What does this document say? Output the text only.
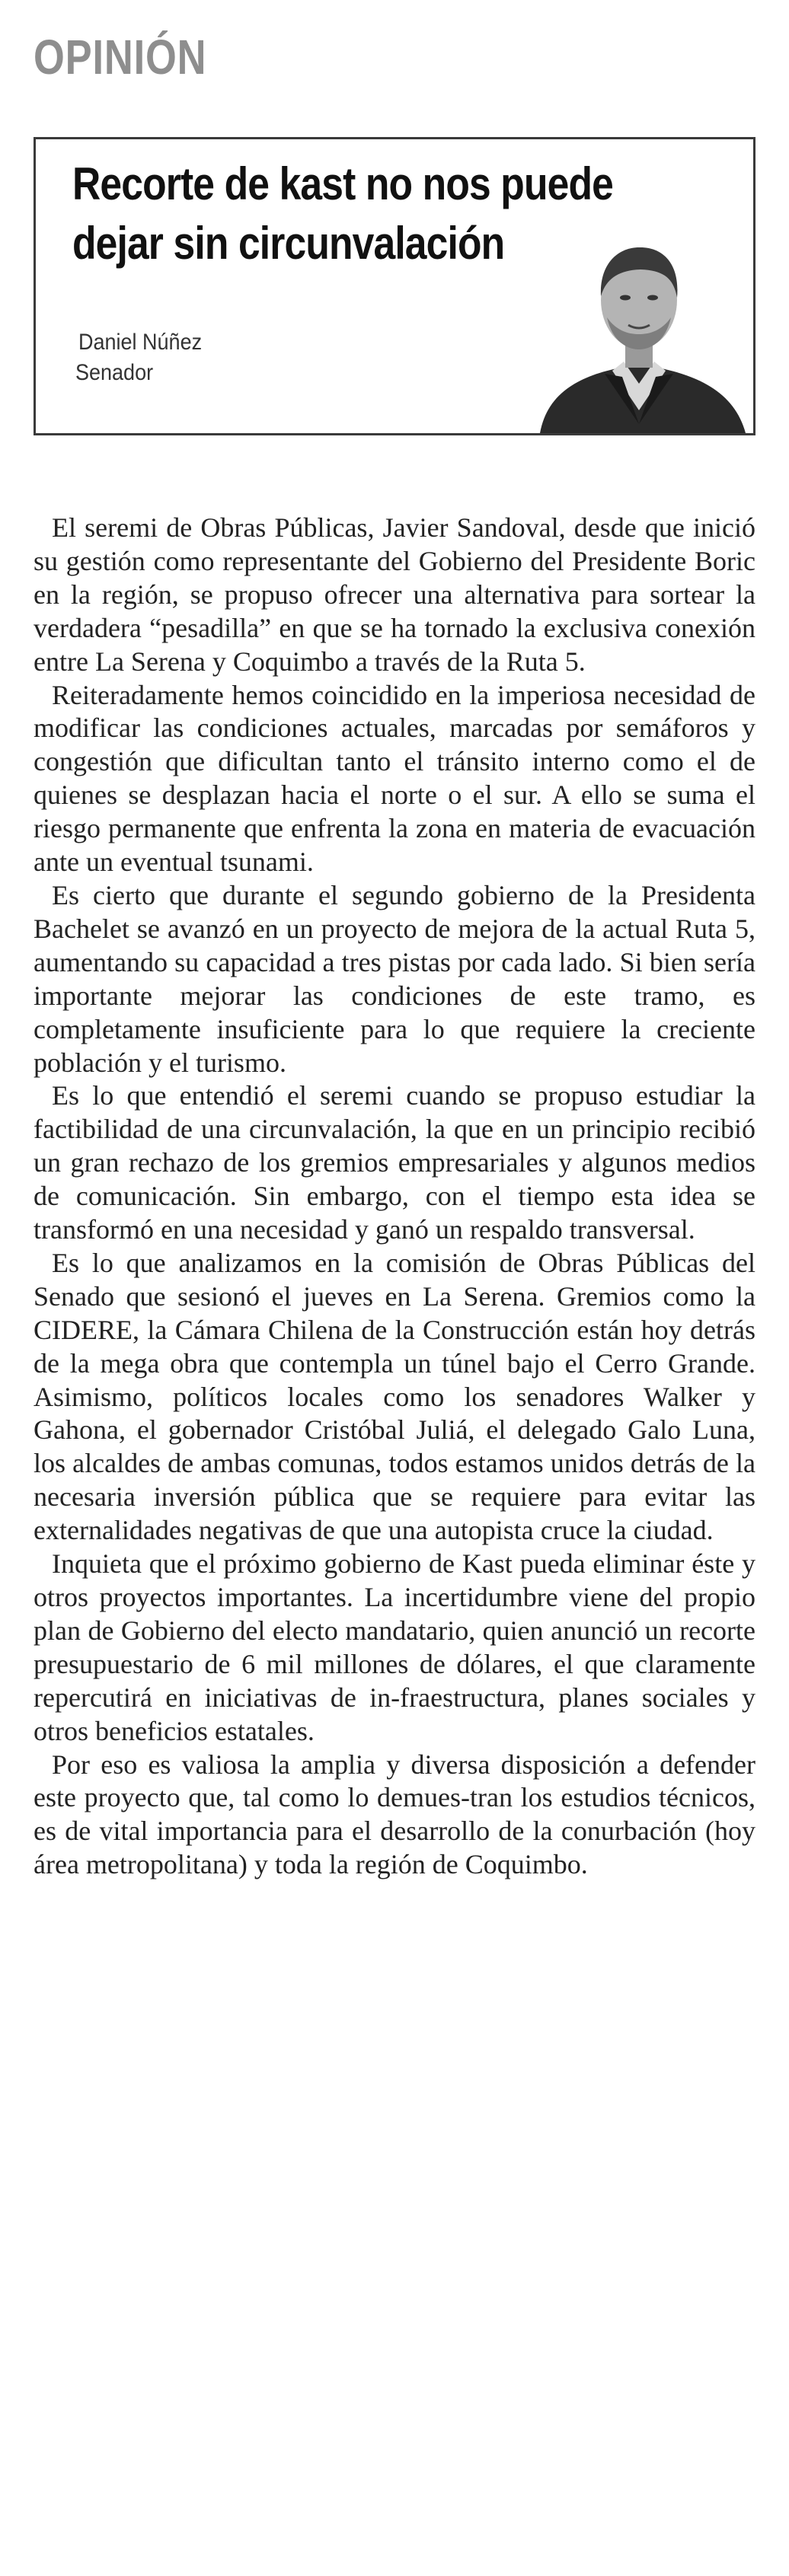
OPINIÓN
Recorte de kast no nos puede dejar sin circunvalación
Daniel Núñez
Senador

El seremi de Obras Públicas, Javier Sandoval, desde que inició su gestión como representante del Gobierno del Presidente Boric en la región, se propuso ofrecer una alternativa para sortear la verdadera “pesadilla” en que se ha tornado la exclusiva conexión entre La Serena y Coquimbo a través de la Ruta 5.

Reiteradamente hemos coincidido en la imperiosa necesidad de modificar las condiciones actuales, marcadas por semáforos y congestión que dificultan tanto el tránsito interno como el de quienes se desplazan hacia el norte o el sur. A ello se suma el riesgo permanente que enfrenta la zona en materia de evacuación ante un eventual tsunami.

Es cierto que durante el segundo gobierno de la Presidenta Bachelet se avanzó en un proyecto de mejora de la actual Ruta 5, aumentando su capacidad a tres pistas por cada lado. Si bien sería importante mejorar las condiciones de este tramo, es completamente insuficiente para lo que requiere la creciente población y el turismo.

Es lo que entendió el seremi cuando se propuso estudiar la factibilidad de una circunvalación, la que en un principio recibió un gran rechazo de los gremios empresariales y algunos medios de comunicación. Sin embargo, con el tiempo esta idea se transformó en una necesidad y ganó un respaldo transversal.

Es lo que analizamos en la comisión de Obras Públicas del Senado que sesionó el jueves en La Serena. Gremios como la CIDERE, la Cámara Chilena de la Construcción están hoy detrás de la mega obra que contempla un túnel bajo el Cerro Grande. Asimismo, políticos locales como los senadores Walker y Gahona, el gobernador Cristóbal Juliá, el delegado Galo Luna, los alcaldes de ambas comunas, todos estamos unidos detrás de la necesaria inversión pública que se requiere para evitar las externalidades negativas de que una autopista cruce la ciudad.

Inquieta que el próximo gobierno de Kast pueda eliminar éste y otros proyectos importantes. La incertidumbre viene del propio plan de Gobierno del electo mandatario, quien anunció un recorte presupuestario de 6 mil millones de dólares, el que claramente repercutirá en iniciativas de in-fraestructura, planes sociales y otros beneficios estatales.

Por eso es valiosa la amplia y diversa disposición a defender este proyecto que, tal como lo demues-tran los estudios técnicos, es de vital importancia para el desarrollo de la conurbación (hoy área metropolitana) y toda la región de Coquimbo.
